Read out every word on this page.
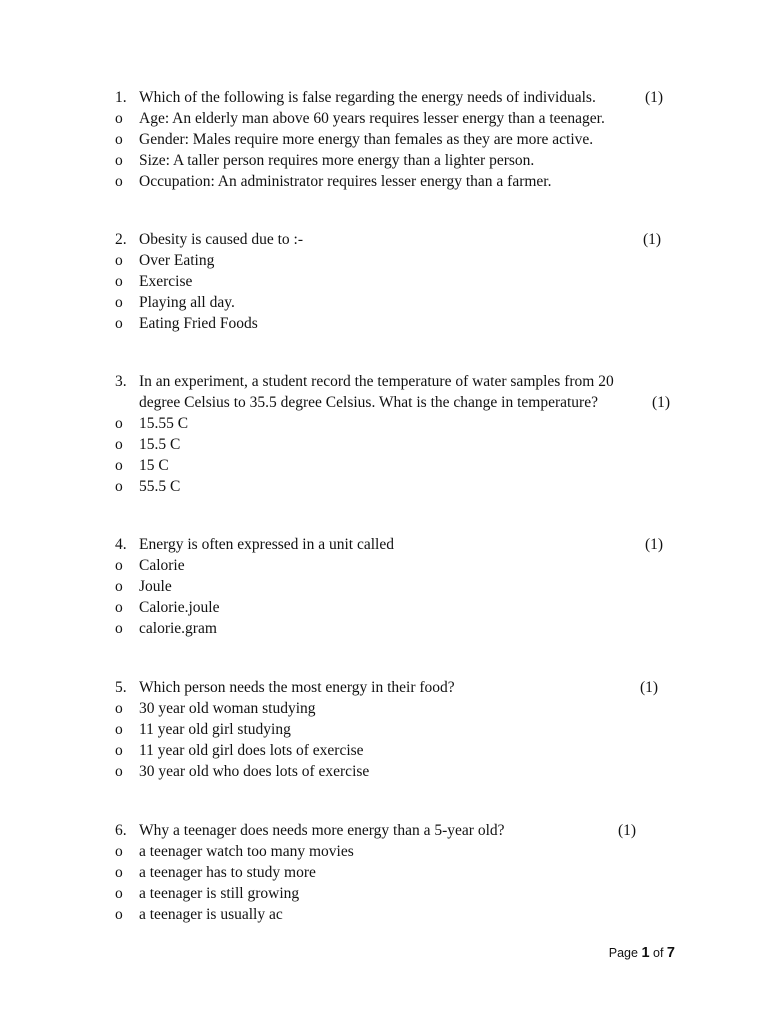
1. Which of the following is false regarding the energy needs of individuals.	(1)
o Age: An elderly man above 60 years requires lesser energy than a teenager.
o Gender: Males require more energy than females as they are more active.
o Size: A taller person requires more energy than a lighter person.
o Occupation: An administrator requires lesser energy than a farmer.
2. Obesity is caused due to :-	(1)
o Over Eating
o Exercise
o Playing all day.
o Eating Fried Foods
3. In an experiment, a student record the temperature of water samples from 20
degree Celsius to 35.5 degree Celsius. What is the change in temperature?	(1)
o 15.55 C
o 15.5 C
o 15 C
o 55.5 C
4. Energy is often expressed in a unit called	(1)
o Calorie
o Joule
o Calorie.joule
o calorie.gram
5. Which person needs the most energy in their food?	(1)
o 30 year old woman studying
o 11 year old girl studying
o 11 year old girl does lots of exercise
o 30 year old who does lots of exercise
6. Why a teenager does needs more energy than a 5-year old?	(1)
o a teenager watch too many movies
o a teenager has to study more
o a teenager is still growing
o a teenager is usually ac
Page 1 of 7
